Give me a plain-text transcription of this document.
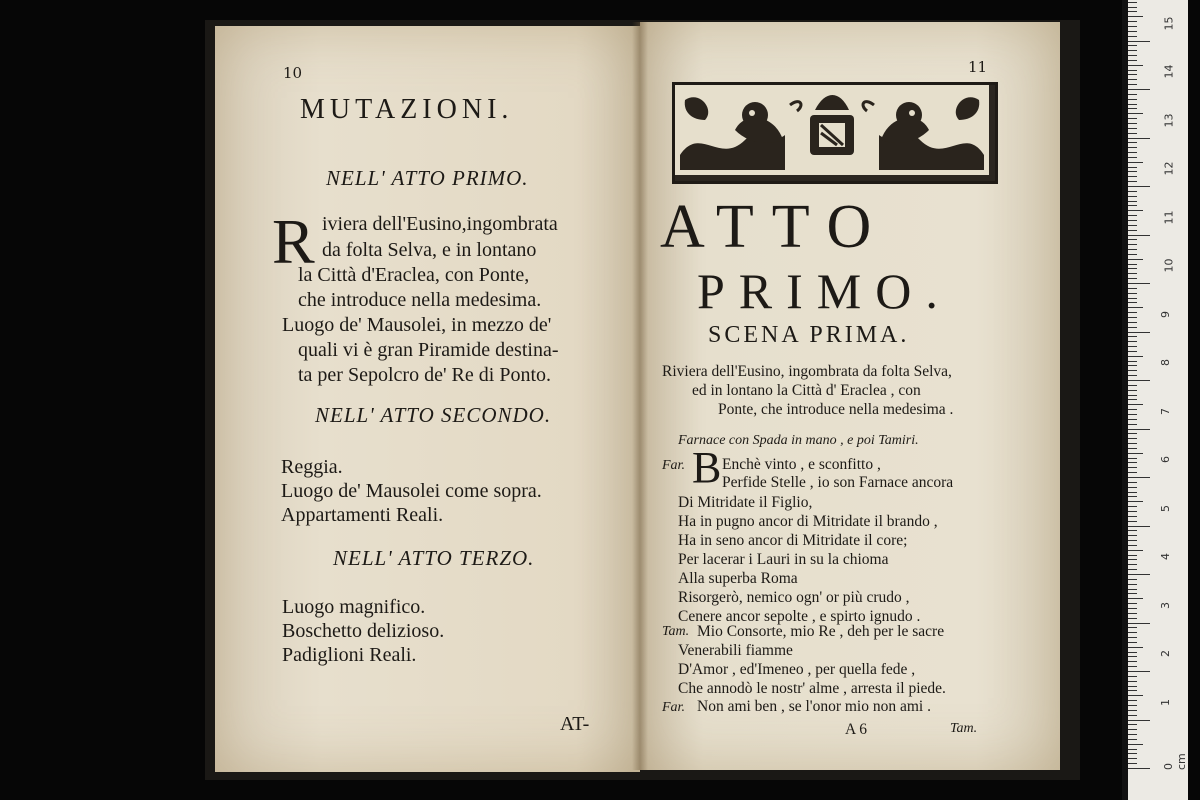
10
MUTAZIONI.
NELL' ATTO PRIMO.
R iviera dell'Eusino,ingombrata
da folta Selva, e in lontano
la Città d'Eraclea, con Ponte,
che introduce nella medesima.
Luogo de' Mausolei, in mezzo de'
quali vi è gran Piramide destina-
ta per Sepolcro de' Re di Ponto.
NELL' ATTO SECONDO.
Reggia.
Luogo de' Mausolei come sopra.
Appartamenti Reali.
NELL' ATTO TERZO.
Luogo magnifico.
Boschetto delizioso.
Padiglioni Reali.
AT-
11
ATTO
PRIMO.
SCENA PRIMA.
Riviera dell'Eusino, ingombrata da folta Selva,
ed in lontano la Città d' Eraclea , con
Ponte, che introduce nella medesima .
Farnace con Spada in mano , e poi Tamiri.
Far. B Enchè vinto , e sconfitto ,
Perfide Stelle , io son Farnace ancora
Di Mitridate il Figlio,
Ha in pugno ancor di Mitridate il brando ,
Ha in seno ancor di Mitridate il core;
Per lacerar i Lauri in su la chioma
Alla superba Roma
Risorgerò, nemico ogn' or più crudo ,
Cenere ancor sepolte , e spirto ignudo .
Tam. Mio Consorte, mio Re , deh per le sacre
Venerabili fiamme
D'Amor , ed'Imeneo , per quella fede ,
Che annodò le nostr' alme , arresta il piede.
Far. Non ami ben , se l'onor mio non ami .
A 6	Tam.
0 cm
1
2
3
4
5
6
7
8
9
10
11
12
13
14
15
